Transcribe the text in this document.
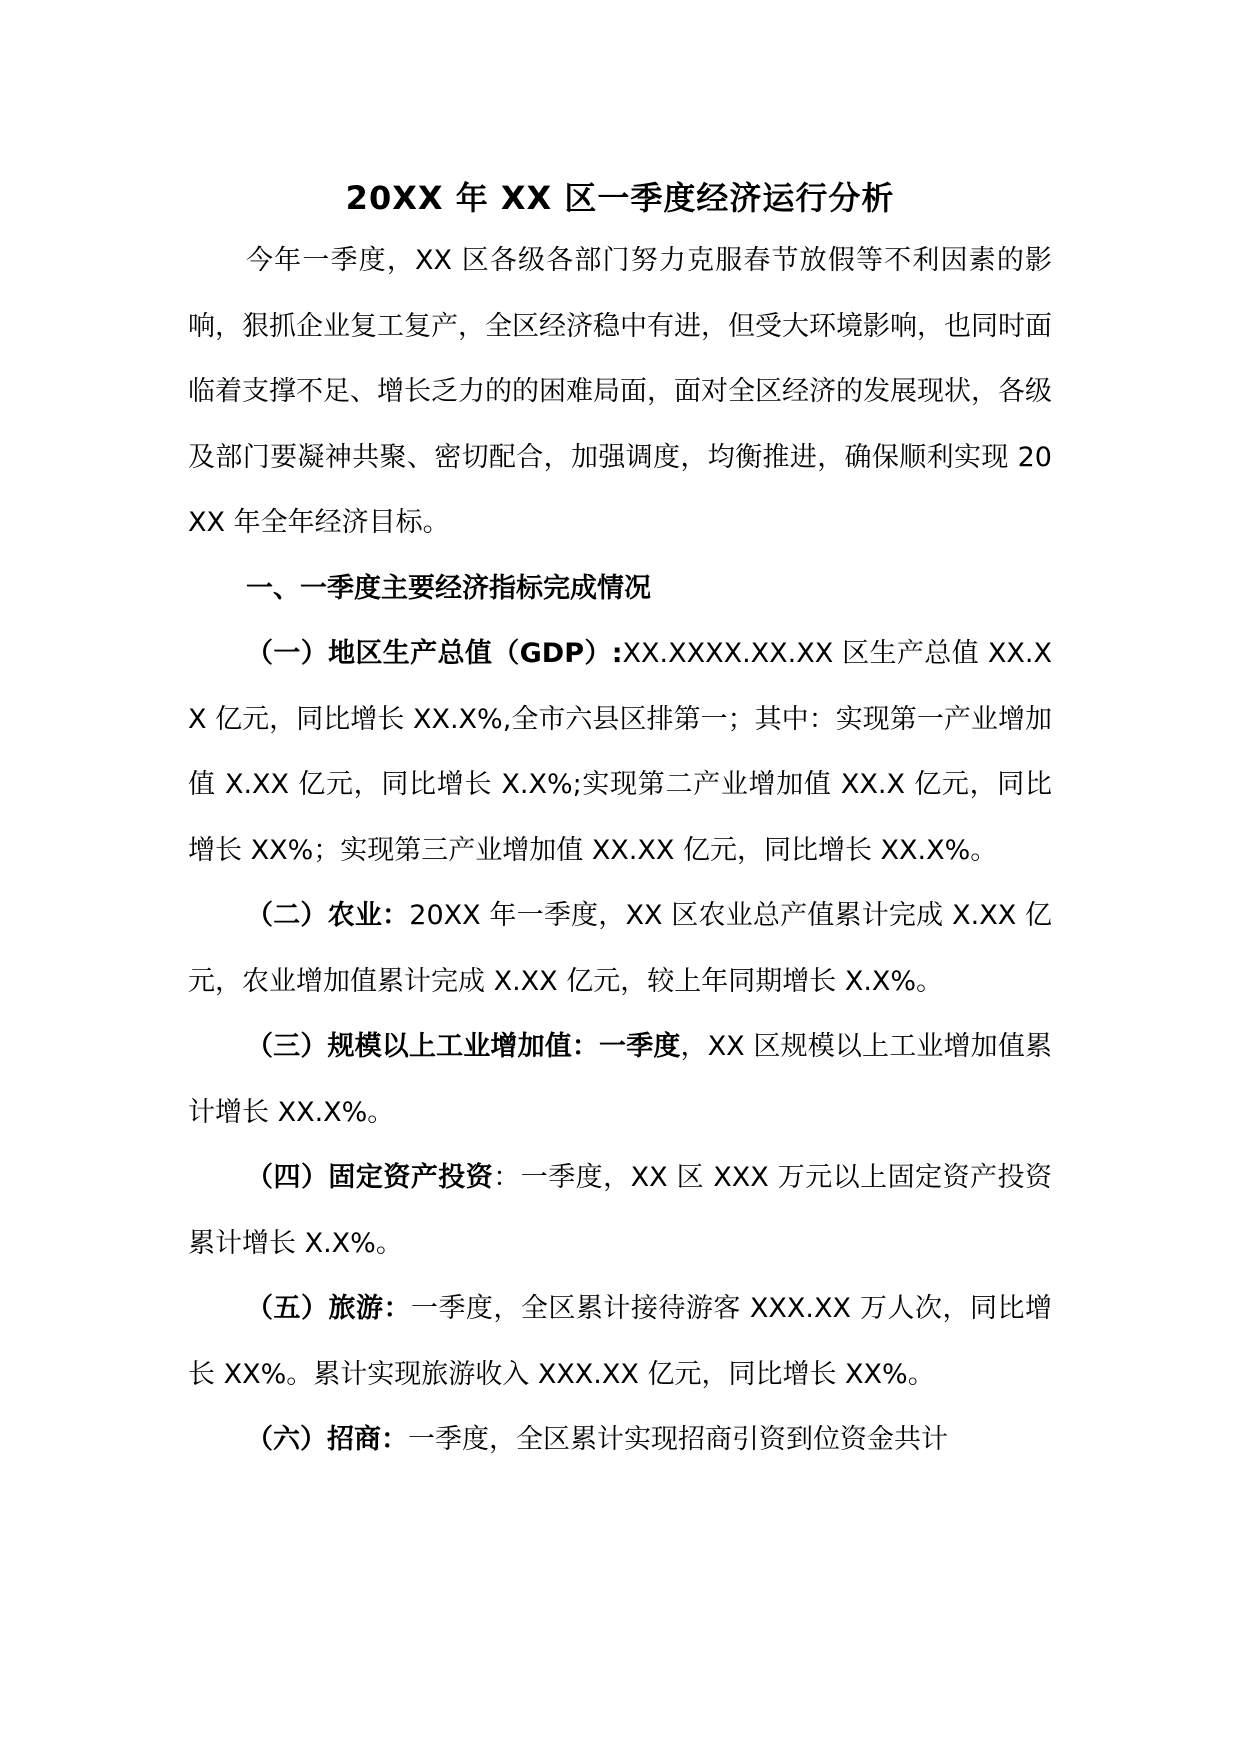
20XX 年 XX 区一季度经济运行分析

今年一季度，XX 区各级各部门努力克服春节放假等不利因素的影响，狠抓企业复工复产，全区经济稳中有进，但受大环境影响，也同时面临着支撑不足、增长乏力的的困难局面，面对全区经济的发展现状，各级及部门要凝神共聚、密切配合，加强调度，均衡推进，确保顺利实现 20XX 年全年经济目标。

一、一季度主要经济指标完成情况

（一）地区生产总值（GDP）:XX.XXXX.XX.XX 区生产总值 XX.XX 亿元，同比增长 XX.X%,全市六县区排第一；其中：实现第一产业增加值 X.XX 亿元，同比增长 X.X%;实现第二产业增加值 XX.X 亿元，同比增长 XX%；实现第三产业增加值 XX.XX 亿元，同比增长 XX.X%。

（二）农业：20XX 年一季度，XX 区农业总产值累计完成 X.XX 亿元，农业增加值累计完成 X.XX 亿元，较上年同期增长 X.X%。

（三）规模以上工业增加值：一季度，XX 区规模以上工业增加值累计增长 XX.X%。

（四）固定资产投资：一季度，XX 区 XXX 万元以上固定资产投资累计增长 X.X%。

（五）旅游：一季度，全区累计接待游客 XXX.XX 万人次，同比增长 XX%。累计实现旅游收入 XXX.XX 亿元，同比增长 XX%。

（六）招商：一季度，全区累计实现招商引资到位资金共计
